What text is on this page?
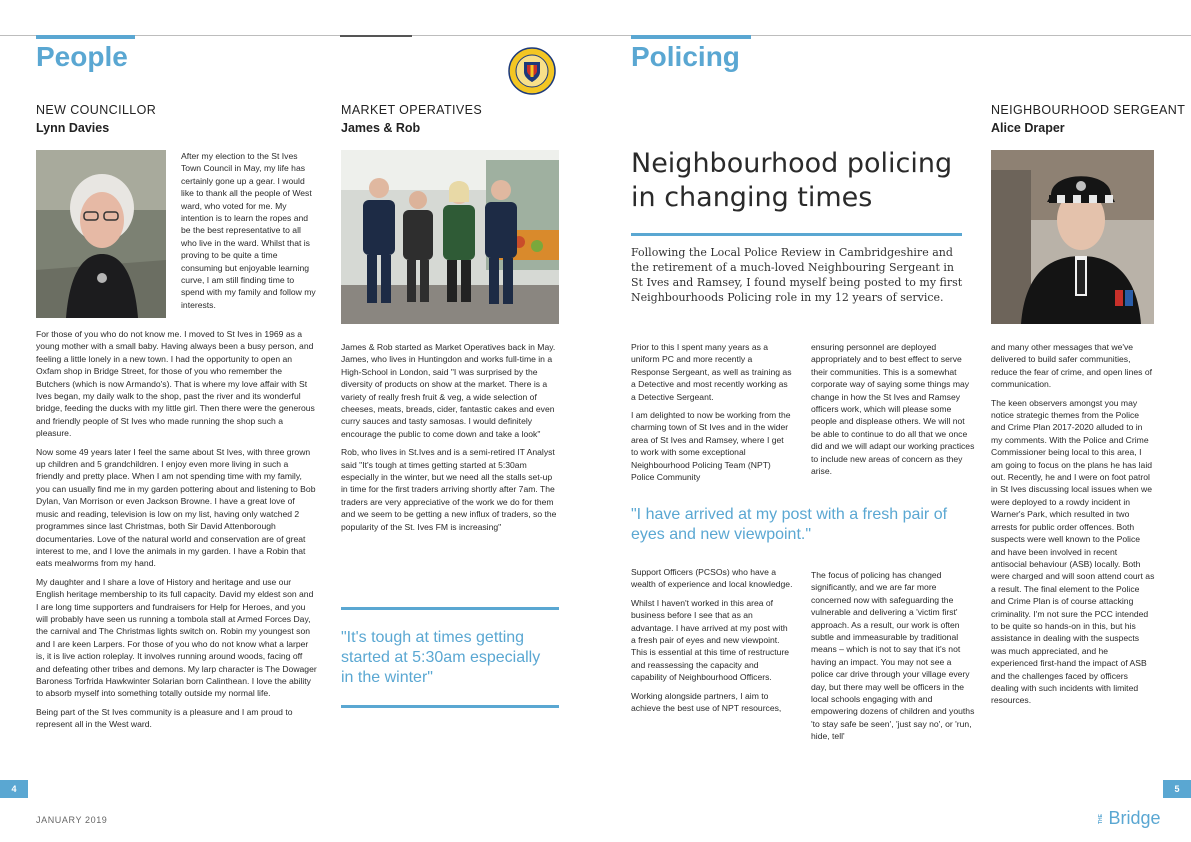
People
NEW COUNCILLOR
Lynn Davies
After my election to the St Ives Town Council in May, my life has certainly gone up a gear. I would like to thank all the people of West ward, who voted for me. My intention is to learn the ropes and be the best representative to all who live in the ward. Whilst that is proving to be quite a time consuming but enjoyable learning curve, I am still finding time to spend with my family and follow my interests.

For those of you who do not know me. I moved to St Ives in 1969 as a young mother with a small baby. Having always been a busy person, and feeling a little lonely in a new town. I had the opportunity to open an Oxfam shop in Bridge Street, for those of you who remember the Butchers (which is now Armando's). That is where my love affair with St Ives began, my daily walk to the shop, past the river and its wonderful bridge, feeding the ducks with my little girl. Then there were the generous and friendly people of St Ives who made running the shop such a pleasure.

Now some 49 years later I feel the same about St Ives, with three grown up children and 5 grandchildren. I enjoy even more living in such a friendly and pretty place. When I am not spending time with my family, you can usually find me in my garden pottering about and listening to Bob Dylan, Van Morrison or even Jackson Browne. I have a great love of music and reading, television is low on my list, having only watched 2 programmes since last Christmas, both Sir David Attenborough documentaries. Love of the natural world and conservation are of great interest to me, and I love the animals in my garden. I have a Robin that eats mealworms from my hand.

My daughter and I share a love of History and heritage and use our English heritage membership to its full capacity. David my eldest son and I are long time supporters and fundraisers for Help for Heroes, and you will probably have seen us running a tombola stall at Armed Forces Day, the carnival and The Christmas lights switch on. Robin my youngest son and I are keen Larpers. For those of you who do not know what a larper is, it is live action roleplay. It involves running around woods, facing off and defeating other tribes and demons. My larp character is The Dowager Baroness Torfrida Hawkwinter Solarian born Calinthean. I love the ability to absorb myself into something totally outside my normal life.

Being part of the St Ives community is a pleasure and I am proud to represent all in the West ward.

MARKET OPERATIVES
James & Rob

James & Rob started as Market Operatives back in May. James, who lives in Huntingdon and works full-time in a High-School in London, said "I was surprised by the diversity of products on show at the market. There is a variety of really fresh fruit & veg, a wide selection of cheeses, meats, breads, cider, fantastic cakes and even curry sauces and tasty samosas. I would definitely encourage the public to come down and take a look"

Rob, who lives in St.Ives and is a semi-retired IT Analyst said "It's tough at times getting started at 5:30am especially in the winter, but we need all the stalls set-up in time for the first traders arriving shortly after 7am. The traders are very appreciative of the work we do for them and we seem to be getting a new influx of traders, so the popularity of the St. Ives FM is increasing"

"It's tough at times getting started at 5:30am especially in the winter"
4
JANUARY 2019
Policing
Neighbourhood policing in changing times
Following the Local Police Review in Cambridgeshire and the retirement of a much-loved Neighbouring Sergeant in St Ives and Ramsey, I found myself being posted to my first Neighbourhoods Policing role in my 12 years of service.

Prior to this I spent many years as a uniform PC and more recently a Response Sergeant, as well as training as a Detective and most recently working as a Detective Sergeant.

I am delighted to now be working from the charming town of St Ives and in the wider area of St Ives and Ramsey, where I get to work with some exceptional Neighbourhood Policing Team (NPT) Police Community

ensuring personnel are deployed appropriately and to best effect to serve their communities. This is a somewhat corporate way of saying some things may change in how the St Ives and Ramsey officers work, which will please some people and displease others. We will not be able to continue to do all that we once did and we will adapt our working practices to include new areas of concern as they arise.

"I have arrived at my post with a fresh pair of eyes and new viewpoint."

Support Officers (PCSOs) who have a wealth of experience and local knowledge.

Whilst I haven't worked in this area of business before I see that as an advantage. I have arrived at my post with a fresh pair of eyes and new viewpoint. This is essential at this time of restructure and reassessing the capacity and capability of Neighbourhood Officers.

Working alongside partners, I aim to achieve the best use of NPT resources,

The focus of policing has changed significantly, and we are far more concerned now with safeguarding the vulnerable and delivering a 'victim first' approach. As a result, our work is often subtle and immeasurable by traditional means – which is not to say that it's not having an impact. You may not see a police car drive through your village every day, but there may well be officers in the local schools engaging with and empowering dozens of children and youths 'to stay safe be seen', 'just say no', or 'run, hide, tell'

NEIGHBOURHOOD SERGEANT
Alice Draper

and many other messages that we've delivered to build safer communities, reduce the fear of crime, and open lines of communication.

The keen observers amongst you may notice strategic themes from the Police and Crime Plan 2017-2020 alluded to in my comments. With the Police and Crime Commissioner being local to this area, I am going to focus on the plans he has laid out. Recently, he and I were on foot patrol in St Ives discussing local issues when we were deployed to a rowdy incident in Warner's Park, which resulted in two arrests for public order offences. Both suspects were well known to the Police and have been involved in recent antisocial behaviour (ASB) locally. Both were charged and will soon attend court as a result. The final element to the Police and Crime Plan is of course attacking criminality. I'm not sure the PCC intended to be quite so hands-on in this, but his assistance in dealing with the suspects was much appreciated, and he experienced first-hand the impact of ASB and the challenges faced by officers dealing with such incidents with limited resources.

5
THE Bridge
